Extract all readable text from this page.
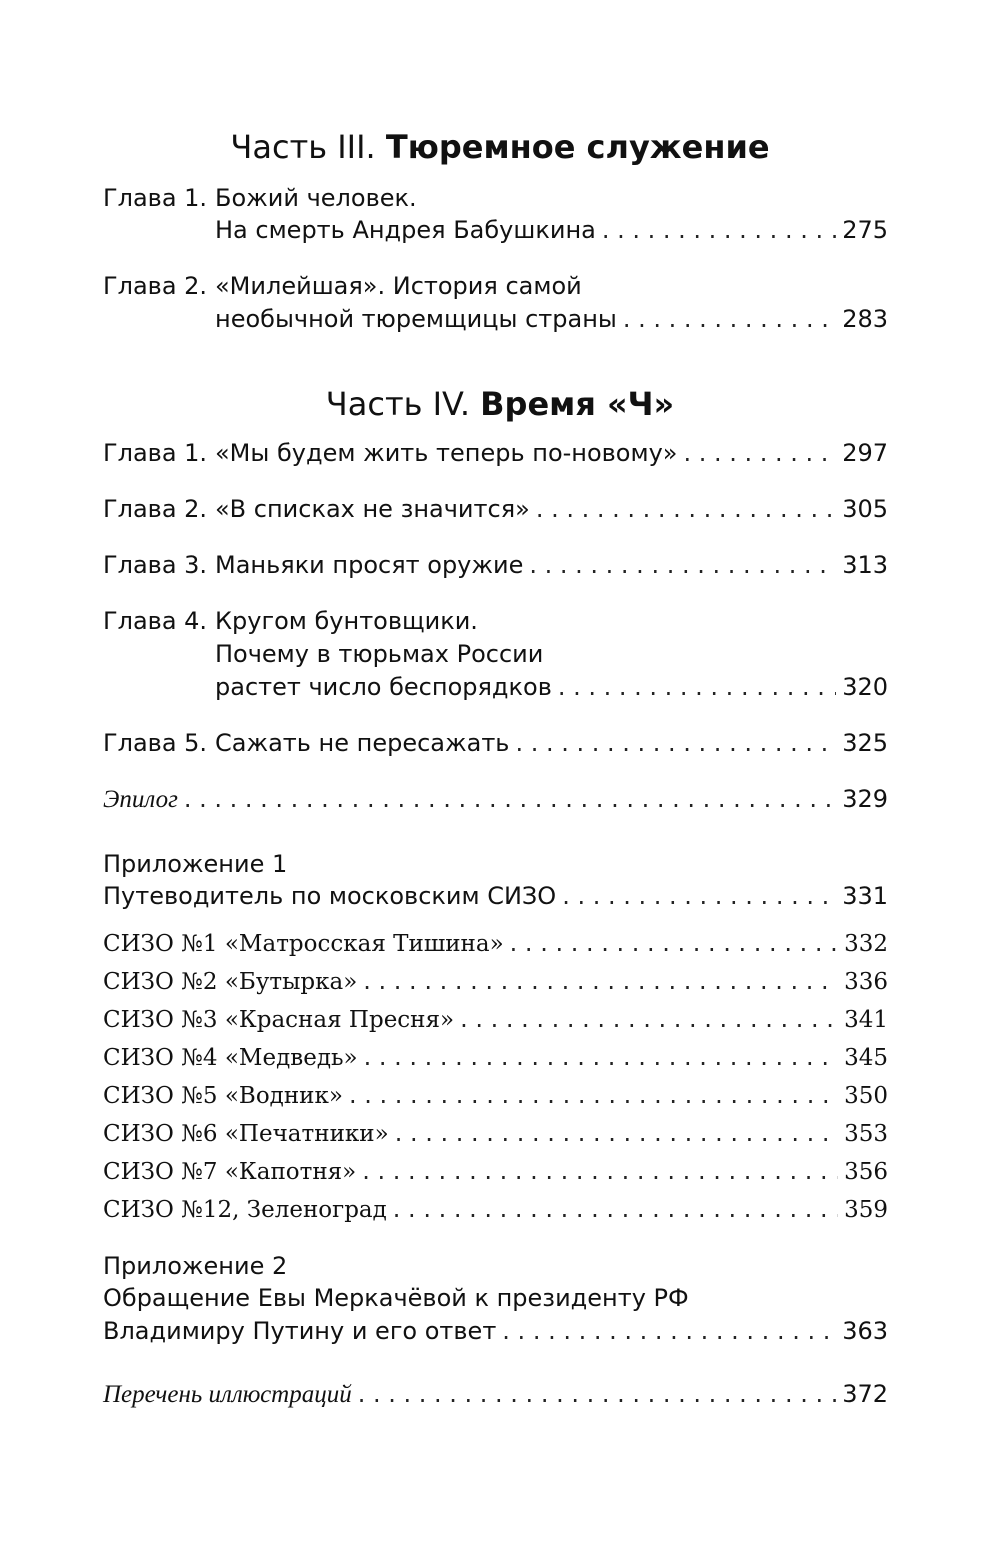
Часть III. Тюремное служение
Глава 1. Божий человек.
На смерть Андрея Бабушкина . . .	275
Глава 2. «Милейшая». История самой
необычной тюремщицы страны . . .	283
Часть IV. Время «Ч»
Глава 1. «Мы будем жить теперь по-новому» . . .	297
Глава 2. «В списках не значится» . . .	305
Глава 3. Маньяки просят оружие . . .	313
Глава 4. Кругом бунтовщики.
Почему в тюрьмах России
растет число беспорядков . . .	320
Глава 5. Сажать не пересажать . . .	325
Эпилог . . .	329
Приложение 1
Путеводитель по московским СИЗО . . .	331
СИЗО №1 «Матросская Тишина» . . .	332
СИЗО №2 «Бутырка» . . .	336
СИЗО №3 «Красная Пресня» . . .	341
СИЗО №4 «Медведь» . . .	345
СИЗО №5 «Водник» . . .	350
СИЗО №6 «Печатники» . . .	353
СИЗО №7 «Капотня» . . .	356
СИЗО №12, Зеленоград . . .	359
Приложение 2
Обращение Евы Меркачёвой к президенту РФ
Владимиру Путину и его ответ . . .	363
Перечень иллюстраций . . .	372
